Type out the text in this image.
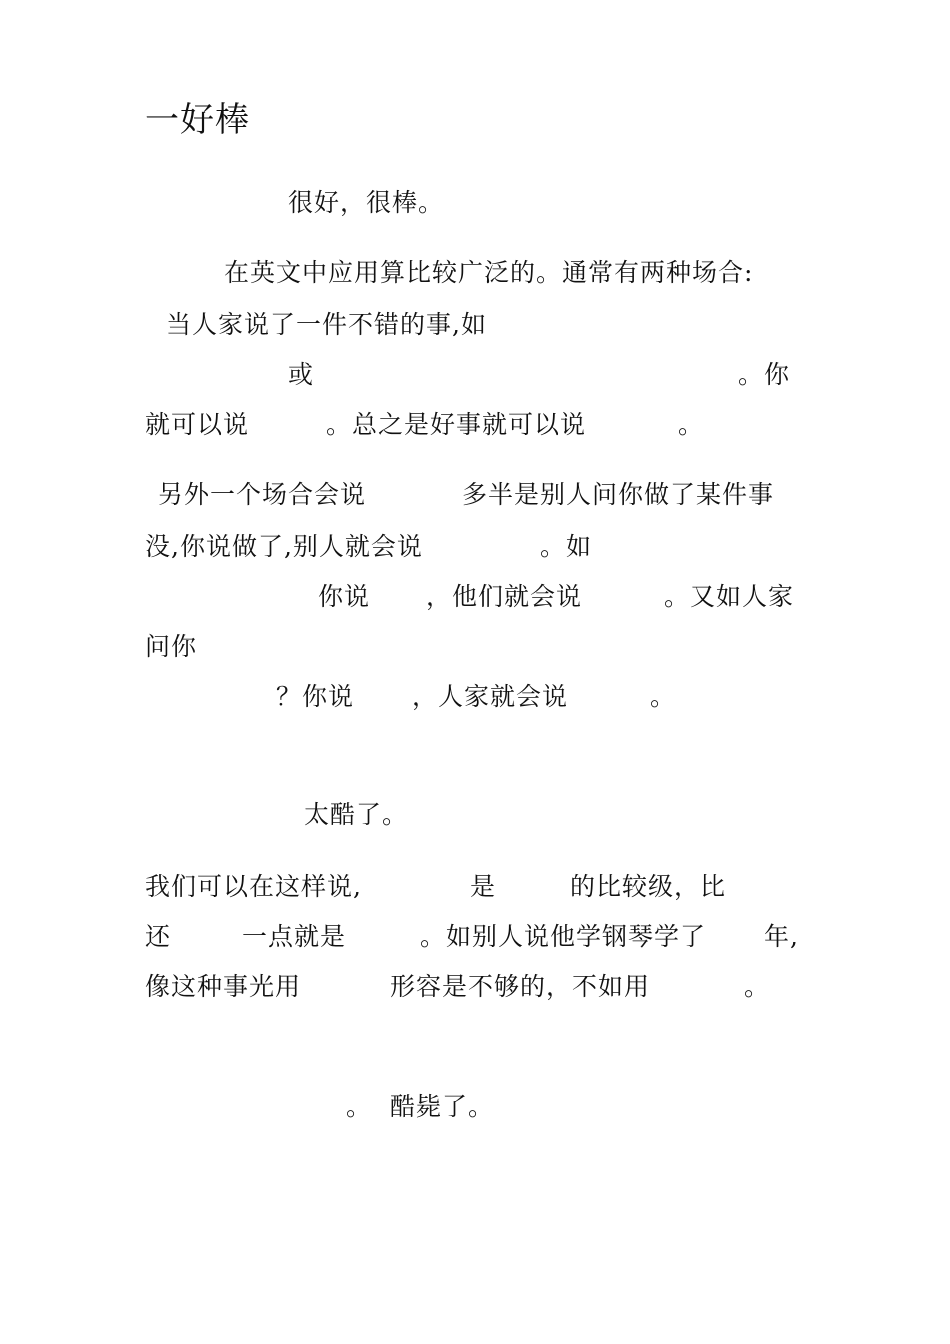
一好棒
很好，很棒。
在英文中应用算比较广泛的。通常有两种场合:
当人家说了一件不错的事,如
或	。你
就可以说	。总之是好事就可以说	。
另外一个场合会说	多半是别人问你做了某件事
没,你说做了,别人就会说	。如
你说 ，他们就会说	。又如人家
问你
？你说 ，人家就会说	。
太酷了。
我们可以在这样说,	是	的比较级，比
还	一点就是	。如别人说他学钢琴学了 年,
像这种事光用	形容是不够的，不如用	。
。 酷毙了。
